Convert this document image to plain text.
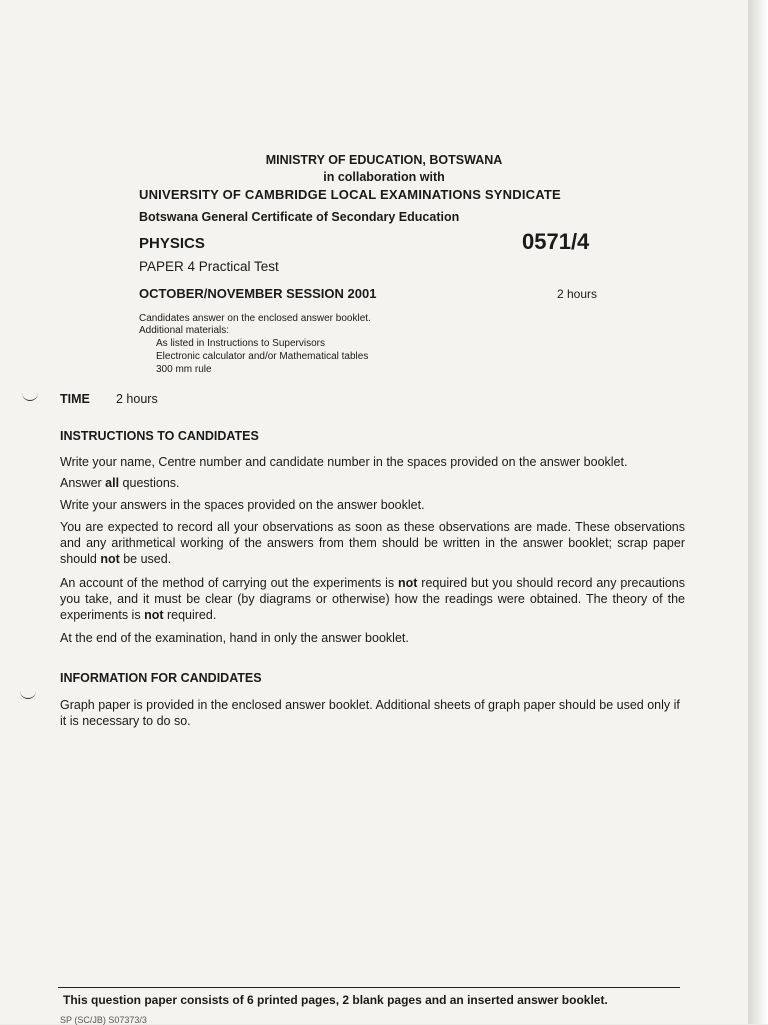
MINISTRY OF EDUCATION, BOTSWANA
in collaboration with
UNIVERSITY OF CAMBRIDGE LOCAL EXAMINATIONS SYNDICATE
Botswana General Certificate of Secondary Education
PHYSICS	0571/4
PAPER 4 Practical Test
OCTOBER/NOVEMBER SESSION 2001	2 hours
Candidates answer on the enclosed answer booklet.
Additional materials:
As listed in Instructions to Supervisors
Electronic calculator and/or Mathematical tables
300 mm rule
TIME 2 hours
INSTRUCTIONS TO CANDIDATES
Write your name, Centre number and candidate number in the spaces provided on the answer booklet.
Answer all questions.
Write your answers in the spaces provided on the answer booklet.
You are expected to record all your observations as soon as these observations are made. These observations and any arithmetical working of the answers from them should be written in the answer booklet; scrap paper should not be used.
An account of the method of carrying out the experiments is not required but you should record any precautions you take, and it must be clear (by diagrams or otherwise) how the readings were obtained. The theory of the experiments is not required.
At the end of the examination, hand in only the answer booklet.
INFORMATION FOR CANDIDATES
Graph paper is provided in the enclosed answer booklet. Additional sheets of graph paper should be used only if it is necessary to do so.
This question paper consists of 6 printed pages, 2 blank pages and an inserted answer booklet.
SP (SC/JB) S07373/3
